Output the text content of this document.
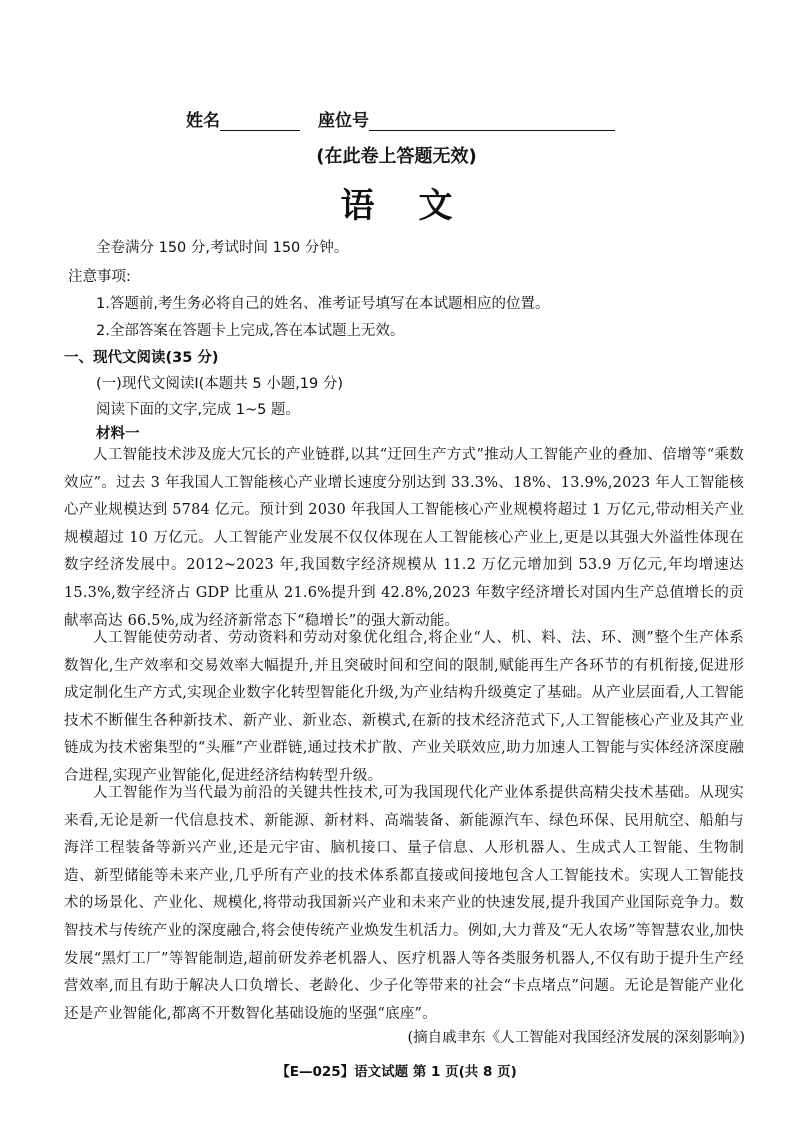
姓名	座位号
(在此卷上答题无效)
语文
全卷满分 150 分,考试时间 150 分钟。
注意事项:
1.答题前,考生务必将自己的姓名、准考证号填写在本试题相应的位置。
2.全部答案在答题卡上完成,答在本试题上无效。
一、现代文阅读(35 分)
(一)现代文阅读Ⅰ(本题共 5 小题,19 分)
阅读下面的文字,完成 1~5 题。
材料一

人工智能技术涉及庞大冗长的产业链群,以其“迂回生产方式”推动人工智能产业的叠加、倍增等“乘数效应”。过去 3 年我国人工智能核心产业增长速度分别达到 33.3%、18%、13.9%,2023 年人工智能核心产业规模达到 5784 亿元。预计到 2030 年我国人工智能核心产业规模将超过 1 万亿元,带动相关产业规模超过 10 万亿元。人工智能产业发展不仅仅体现在人工智能核心产业上,更是以其强大外溢性体现在数字经济发展中。2012~2023 年,我国数字经济规模从 11.2 万亿元增加到 53.9 万亿元,年均增速达 15.3%,数字经济占 GDP 比重从 21.6%提升到 42.8%,2023 年数字经济增长对国内生产总值增长的贡献率高达 66.5%,成为经济新常态下“稳增长”的强大新动能。

人工智能使劳动者、劳动资料和劳动对象优化组合,将企业“人、机、料、法、环、测”整个生产体系数智化,生产效率和交易效率大幅提升,并且突破时间和空间的限制,赋能再生产各环节的有机衔接,促进形成定制化生产方式,实现企业数字化转型智能化升级,为产业结构升级奠定了基础。从产业层面看,人工智能技术不断催生各种新技术、新产业、新业态、新模式,在新的技术经济范式下,人工智能核心产业及其产业链成为技术密集型的“头雁”产业群链,通过技术扩散、产业关联效应,助力加速人工智能与实体经济深度融合进程,实现产业智能化,促进经济结构转型升级。

人工智能作为当代最为前沿的关键共性技术,可为我国现代化产业体系提供高精尖技术基础。从现实来看,无论是新一代信息技术、新能源、新材料、高端装备、新能源汽车、绿色环保、民用航空、船舶与海洋工程装备等新兴产业,还是元宇宙、脑机接口、量子信息、人形机器人、生成式人工智能、生物制造、新型储能等未来产业,几乎所有产业的技术体系都直接或间接地包含人工智能技术。实现人工智能技术的场景化、产业化、规模化,将带动我国新兴产业和未来产业的快速发展,提升我国产业国际竞争力。数智技术与传统产业的深度融合,将会使传统产业焕发生机活力。例如,大力普及“无人农场”等智慧农业,加快发展“黑灯工厂”等智能制造,超前研发养老机器人、医疗机器人等各类服务机器人,不仅有助于提升生产经营效率,而且有助于解决人口负增长、老龄化、少子化等带来的社会“卡点堵点”问题。无论是智能产业化还是产业智能化,都离不开数智化基础设施的坚强“底座”。

(摘自戚聿东《人工智能对我国经济发展的深刻影响》)
【E—025】语文试题 第 1 页(共 8 页)
